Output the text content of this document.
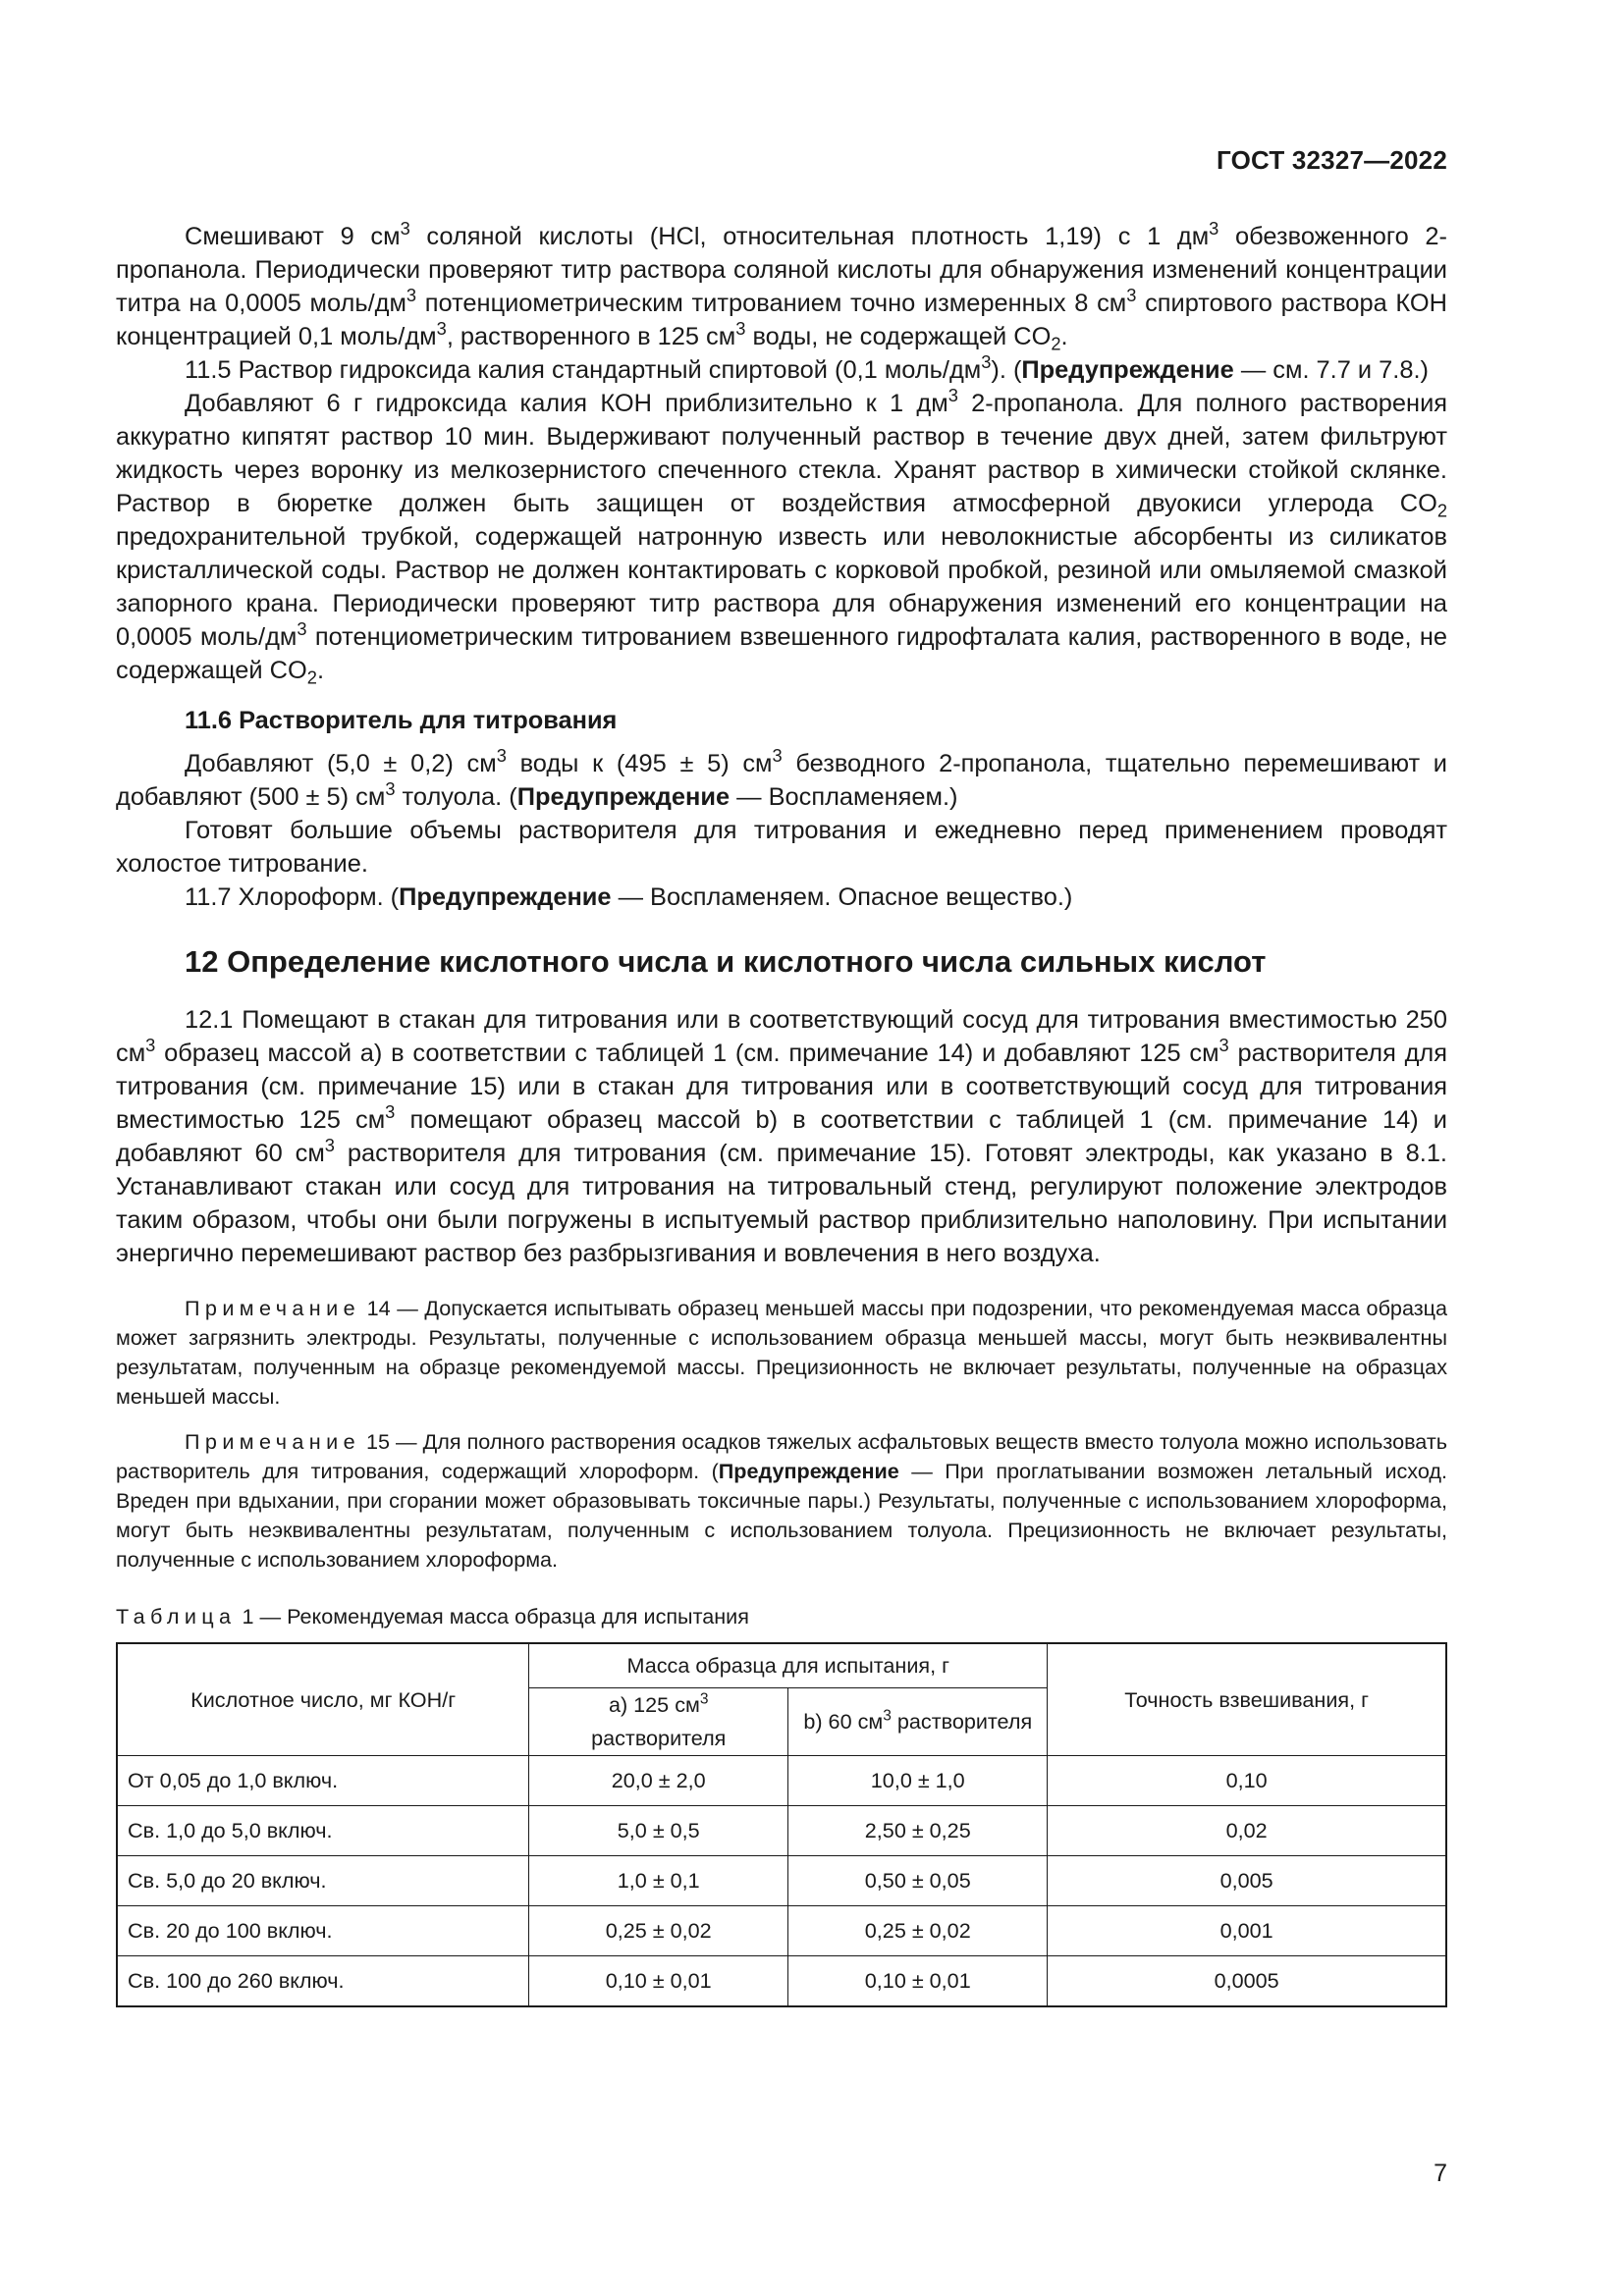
ГОСТ 32327—2022

Смешивают 9 $см^3$ соляной кислоты (HCl, относительная плотность 1,19) с 1 $дм^3$ обезвоженного 2-пропанола. Периодически проверяют титр раствора соляной кислоты для обнаружения изменений концентрации титра на 0,0005 моль/$дм^3$ потенциометрическим титрованием точно измеренных 8 $см^3$ спиртового раствора КОН концентрацией 0,1 моль/$дм^3$, растворенного в 125 $см^3$ воды, не содержащей $CO_2$.

11.5 Раствор гидроксида калия стандартный спиртовой (0,1 моль/$дм^3$). (Предупреждение — см. 7.7 и 7.8.)

Добавляют 6 г гидроксида калия КОН приблизительно к 1 $дм^3$ 2-пропанола. Для полного растворения аккуратно кипятят раствор 10 мин. Выдерживают полученный раствор в течение двух дней, затем фильтруют жидкость через воронку из мелкозернистого спеченного стекла. Хранят раствор в химически стойкой склянке. Раствор в бюретке должен быть защищен от воздействия атмосферной двуокиси углерода $CO_2$ предохранительной трубкой, содержащей натронную известь или неволокнистые абсорбенты из силикатов кристаллической соды. Раствор не должен контактировать с корковой пробкой, резиной или омыляемой смазкой запорного крана. Периодически проверяют титр раствора для обнаружения изменений его концентрации на 0,0005 моль/$дм^3$ потенциометрическим титрованием взвешенного гидрофталата калия, растворенного в воде, не содержащей $CO_2$.

11.6 Растворитель для титрования

Добавляют (5,0 ± 0,2) $см^3$ воды к (495 ± 5) $см^3$ безводного 2-пропанола, тщательно перемешивают и добавляют (500 ± 5) $см^3$ толуола. (Предупреждение — Воспламеняем.)

Готовят большие объемы растворителя для титрования и ежедневно перед применением проводят холостое титрование.

11.7 Хлороформ. (Предупреждение — Воспламеняем. Опасное вещество.)

12 Определение кислотного числа и кислотного числа сильных кислот

12.1 Помещают в стакан для титрования или в соответствующий сосуд для титрования вместимостью 250 $см^3$ образец массой а) в соответствии с таблицей 1 (см. примечание 14) и добавляют 125 $см^3$ растворителя для титрования (см. примечание 15) или в стакан для титрования или в соответствующий сосуд для титрования вместимостью 125 $см^3$ помещают образец массой b) в соответствии с таблицей 1 (см. примечание 14) и добавляют 60 $см^3$ растворителя для титрования (см. примечание 15). Готовят электроды, как указано в 8.1. Устанавливают стакан или сосуд для титрования на титровальный стенд, регулируют положение электродов таким образом, чтобы они были погружены в испытуемый раствор приблизительно наполовину. При испытании энергично перемешивают раствор без разбрызгивания и вовлечения в него воздуха.

Примечание 14 — Допускается испытывать образец меньшей массы при подозрении, что рекомендуемая масса образца может загрязнить электроды. Результаты, полученные с использованием образца меньшей массы, могут быть неэквивалентны результатам, полученным на образце рекомендуемой массы. Прецизионность не включает результаты, полученные на образцах меньшей массы.

Примечание 15 — Для полного растворения осадков тяжелых асфальтовых веществ вместо толуола можно использовать растворитель для титрования, содержащий хлороформ. (Предупреждение — При проглатывании возможен летальный исход. Вреден при вдыхании, при сгорании может образовывать токсичные пары.) Результаты, полученные с использованием хлороформа, могут быть неэквивалентны результатам, полученным с использованием толуола. Прецизионность не включает результаты, полученные с использованием хлороформа.

Таблица 1 — Рекомендуемая масса образца для испытания
Кислотное число, мг КОН/г	Масса образца для испытания, г		Точность взвешивания, г
	а) 125 $см^3$ растворителя	b) 60 $см^3$ растворителя	
От 0,05 до 1,0 включ.	20,0 ± 2,0	10,0 ± 1,0	0,10
Св. 1,0 до 5,0 включ.	5,0 ± 0,5	2,50 ± 0,25	0,02
Св. 5,0 до 20 включ.	1,0 ± 0,1	0,50 ± 0,05	0,005
Св. 20 до 100 включ.	0,25 ± 0,02	0,25 ± 0,02	0,001
Св. 100 до 260 включ.	0,10 ± 0,01	0,10 ± 0,01	0,0005
7
